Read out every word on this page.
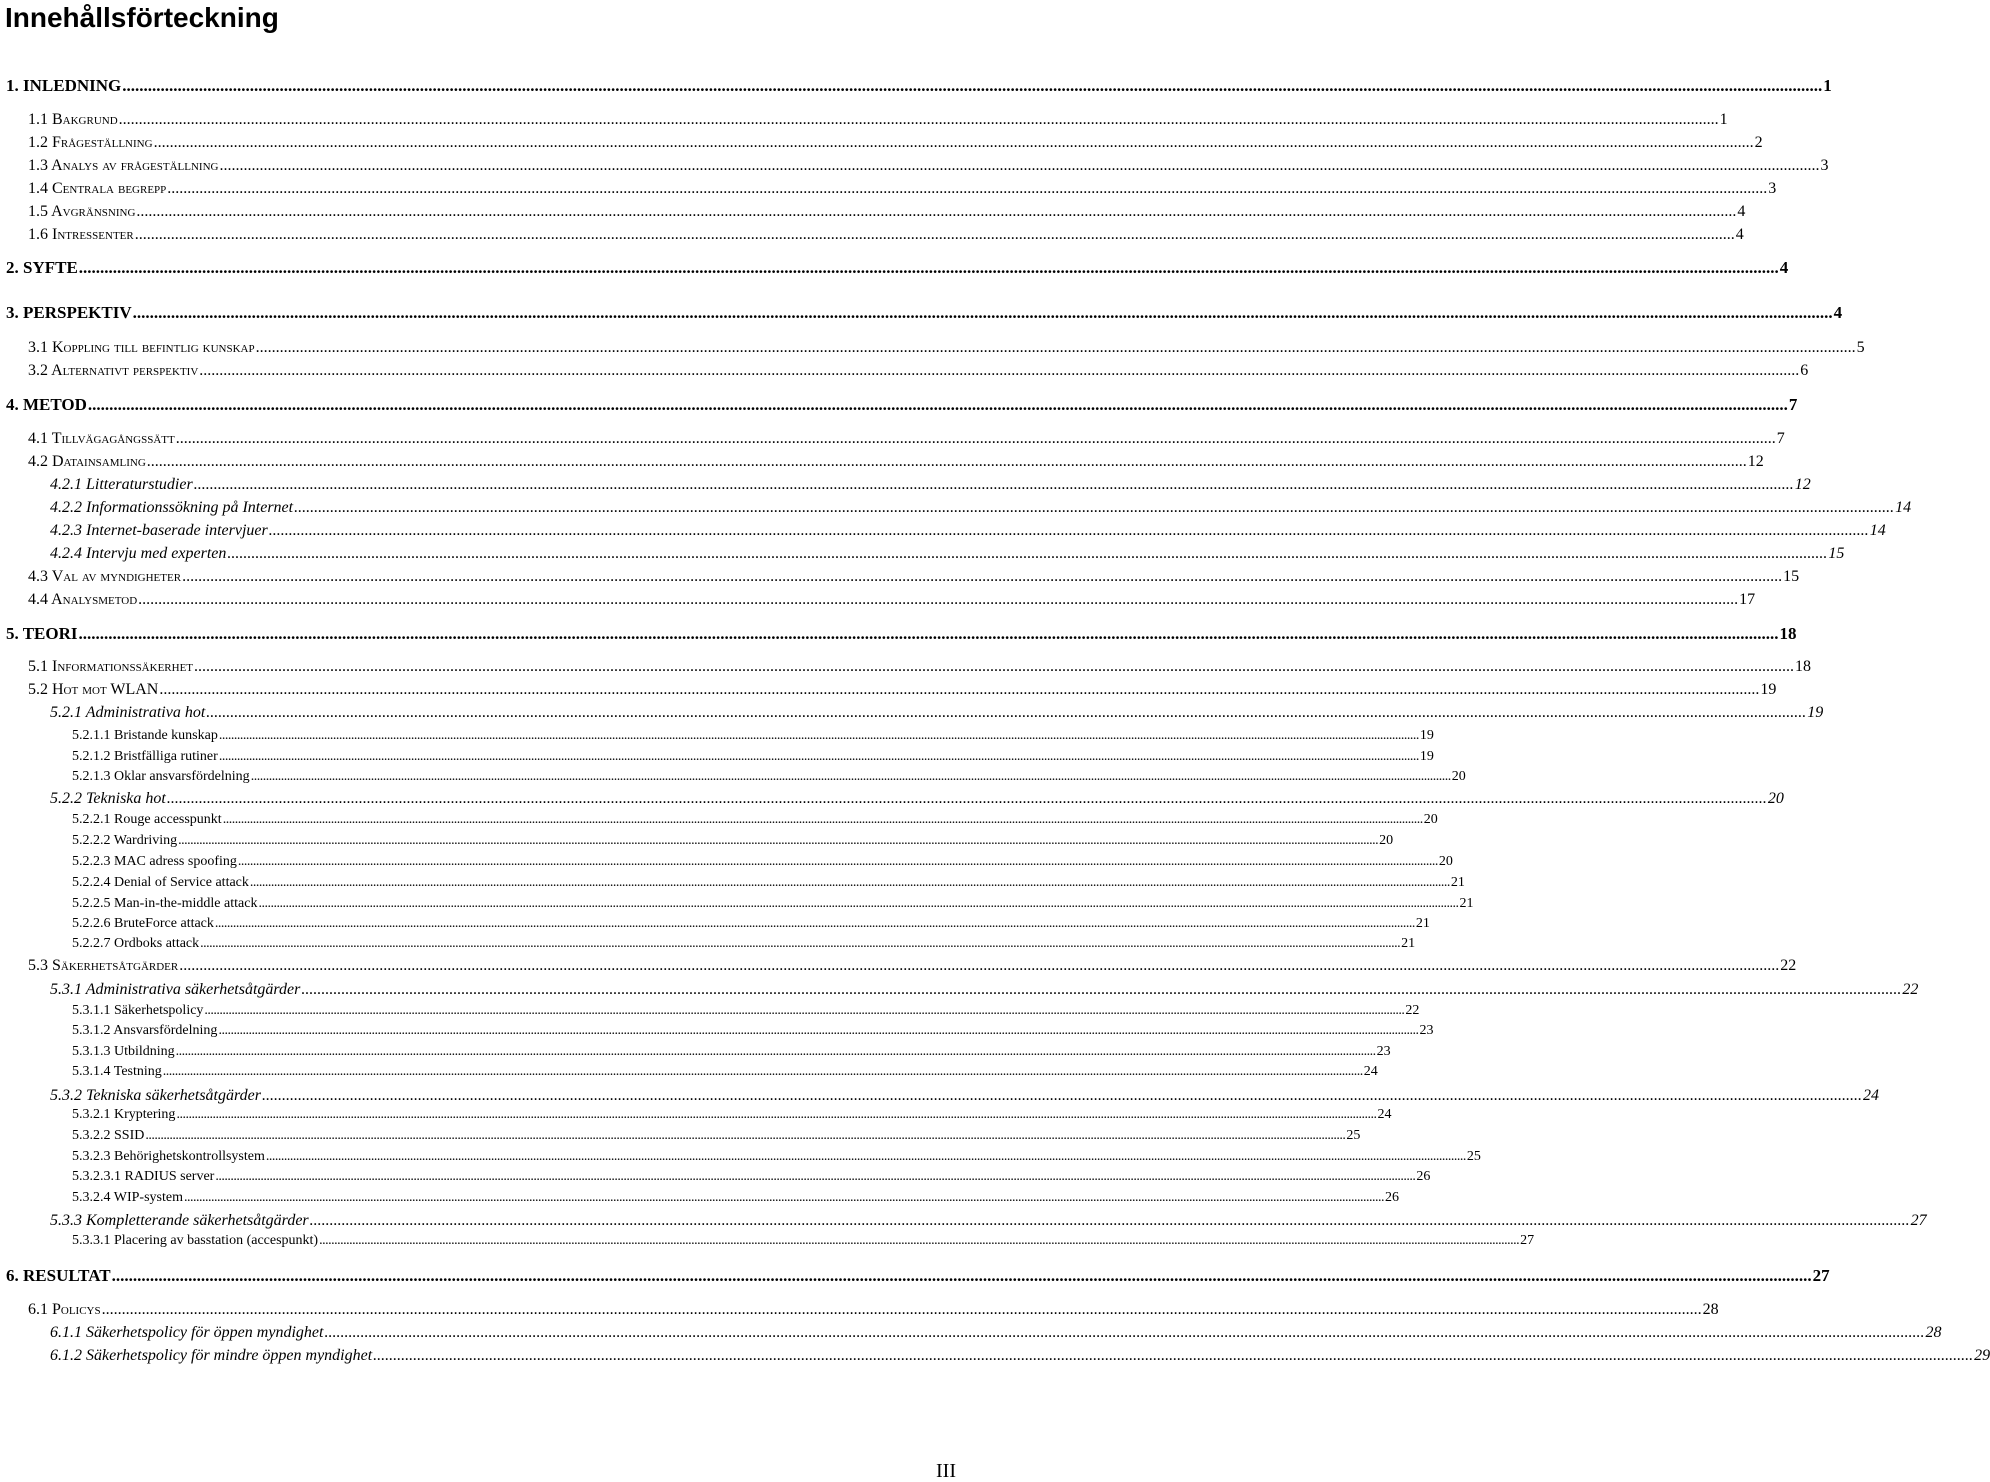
Innehållsförteckning
1. INLEDNING ................................................................................................................................................................................................................................................................................................................................................................................................................ 1
1.1 Bakgrund ................................................................................................................................................................................................................................................................................................................................................................................................................ 1
1.2 Frågeställning ................................................................................................................................................................................................................................................................................................................................................................................................................ 2
1.3 Analys av frågeställning ................................................................................................................................................................................................................................................................................................................................................................................................................ 3
1.4 Centrala begrepp ................................................................................................................................................................................................................................................................................................................................................................................................................ 3
1.5 Avgränsning ................................................................................................................................................................................................................................................................................................................................................................................................................ 4
1.6 Intressenter ................................................................................................................................................................................................................................................................................................................................................................................................................ 4
2. SYFTE ................................................................................................................................................................................................................................................................................................................................................................................................................ 4
3. PERSPEKTIV ................................................................................................................................................................................................................................................................................................................................................................................................................ 4
3.1 Koppling till befintlig kunskap ................................................................................................................................................................................................................................................................................................................................................................................................................ 5
3.2 Alternativt perspektiv ................................................................................................................................................................................................................................................................................................................................................................................................................ 6
4. METOD ................................................................................................................................................................................................................................................................................................................................................................................................................ 7
4.1 Tillvägagångssätt ................................................................................................................................................................................................................................................................................................................................................................................................................ 7
4.2 Datainsamling ................................................................................................................................................................................................................................................................................................................................................................................................................ 12
4.2.1 Litteraturstudier ................................................................................................................................................................................................................................................................................................................................................................................................................ 12
4.2.2 Informationssökning på Internet ................................................................................................................................................................................................................................................................................................................................................................................................................ 14
4.2.3 Internet-baserade intervjuer ................................................................................................................................................................................................................................................................................................................................................................................................................ 14
4.2.4 Intervju med experten ................................................................................................................................................................................................................................................................................................................................................................................................................ 15
4.3 Val av myndigheter ................................................................................................................................................................................................................................................................................................................................................................................................................ 15
4.4 Analysmetod ................................................................................................................................................................................................................................................................................................................................................................................................................ 17
5. TEORI ................................................................................................................................................................................................................................................................................................................................................................................................................ 18
5.1 Informationssäkerhet ................................................................................................................................................................................................................................................................................................................................................................................................................ 18
5.2 Hot mot WLAN ................................................................................................................................................................................................................................................................................................................................................................................................................ 19
5.2.1 Administrativa hot ................................................................................................................................................................................................................................................................................................................................................................................................................ 19
5.2.1.1 Bristande kunskap ................................................................................................................................................................................................................................................................................................................................................................................................................ 19
5.2.1.2 Bristfälliga rutiner ................................................................................................................................................................................................................................................................................................................................................................................................................ 19
5.2.1.3 Oklar ansvarsfördelning ................................................................................................................................................................................................................................................................................................................................................................................................................ 20
5.2.2 Tekniska hot ................................................................................................................................................................................................................................................................................................................................................................................................................ 20
5.2.2.1 Rouge accesspunkt ................................................................................................................................................................................................................................................................................................................................................................................................................ 20
5.2.2.2 Wardriving ................................................................................................................................................................................................................................................................................................................................................................................................................ 20
5.2.2.3 MAC adress spoofing ................................................................................................................................................................................................................................................................................................................................................................................................................ 20
5.2.2.4 Denial of Service attack ................................................................................................................................................................................................................................................................................................................................................................................................................ 21
5.2.2.5 Man-in-the-middle attack ................................................................................................................................................................................................................................................................................................................................................................................................................ 21
5.2.2.6 BruteForce attack ................................................................................................................................................................................................................................................................................................................................................................................................................ 21
5.2.2.7 Ordboks attack ................................................................................................................................................................................................................................................................................................................................................................................................................ 21
5.3 Säkerhetsåtgärder ................................................................................................................................................................................................................................................................................................................................................................................................................ 22
5.3.1 Administrativa säkerhetsåtgärder ................................................................................................................................................................................................................................................................................................................................................................................................................ 22
5.3.1.1 Säkerhetspolicy ................................................................................................................................................................................................................................................................................................................................................................................................................ 22
5.3.1.2 Ansvarsfördelning ................................................................................................................................................................................................................................................................................................................................................................................................................ 23
5.3.1.3 Utbildning ................................................................................................................................................................................................................................................................................................................................................................................................................ 23
5.3.1.4 Testning ................................................................................................................................................................................................................................................................................................................................................................................................................ 24
5.3.2 Tekniska säkerhetsåtgärder ................................................................................................................................................................................................................................................................................................................................................................................................................ 24
5.3.2.1 Kryptering ................................................................................................................................................................................................................................................................................................................................................................................................................ 24
5.3.2.2 SSID ................................................................................................................................................................................................................................................................................................................................................................................................................ 25
5.3.2.3 Behörighetskontrollsystem ................................................................................................................................................................................................................................................................................................................................................................................................................ 25
5.3.2.3.1 RADIUS server ................................................................................................................................................................................................................................................................................................................................................................................................................ 26
5.3.2.4 WIP-system ................................................................................................................................................................................................................................................................................................................................................................................................................ 26
5.3.3 Kompletterande säkerhetsåtgärder ................................................................................................................................................................................................................................................................................................................................................................................................................ 27
5.3.3.1 Placering av basstation (accespunkt) ................................................................................................................................................................................................................................................................................................................................................................................................................ 27
6. RESULTAT ................................................................................................................................................................................................................................................................................................................................................................................................................ 27
6.1 Policys ................................................................................................................................................................................................................................................................................................................................................................................................................ 28
6.1.1 Säkerhetspolicy för öppen myndighet ................................................................................................................................................................................................................................................................................................................................................................................................................ 28
6.1.2 Säkerhetspolicy för mindre öppen myndighet ................................................................................................................................................................................................................................................................................................................................................................................................................ 29
III
